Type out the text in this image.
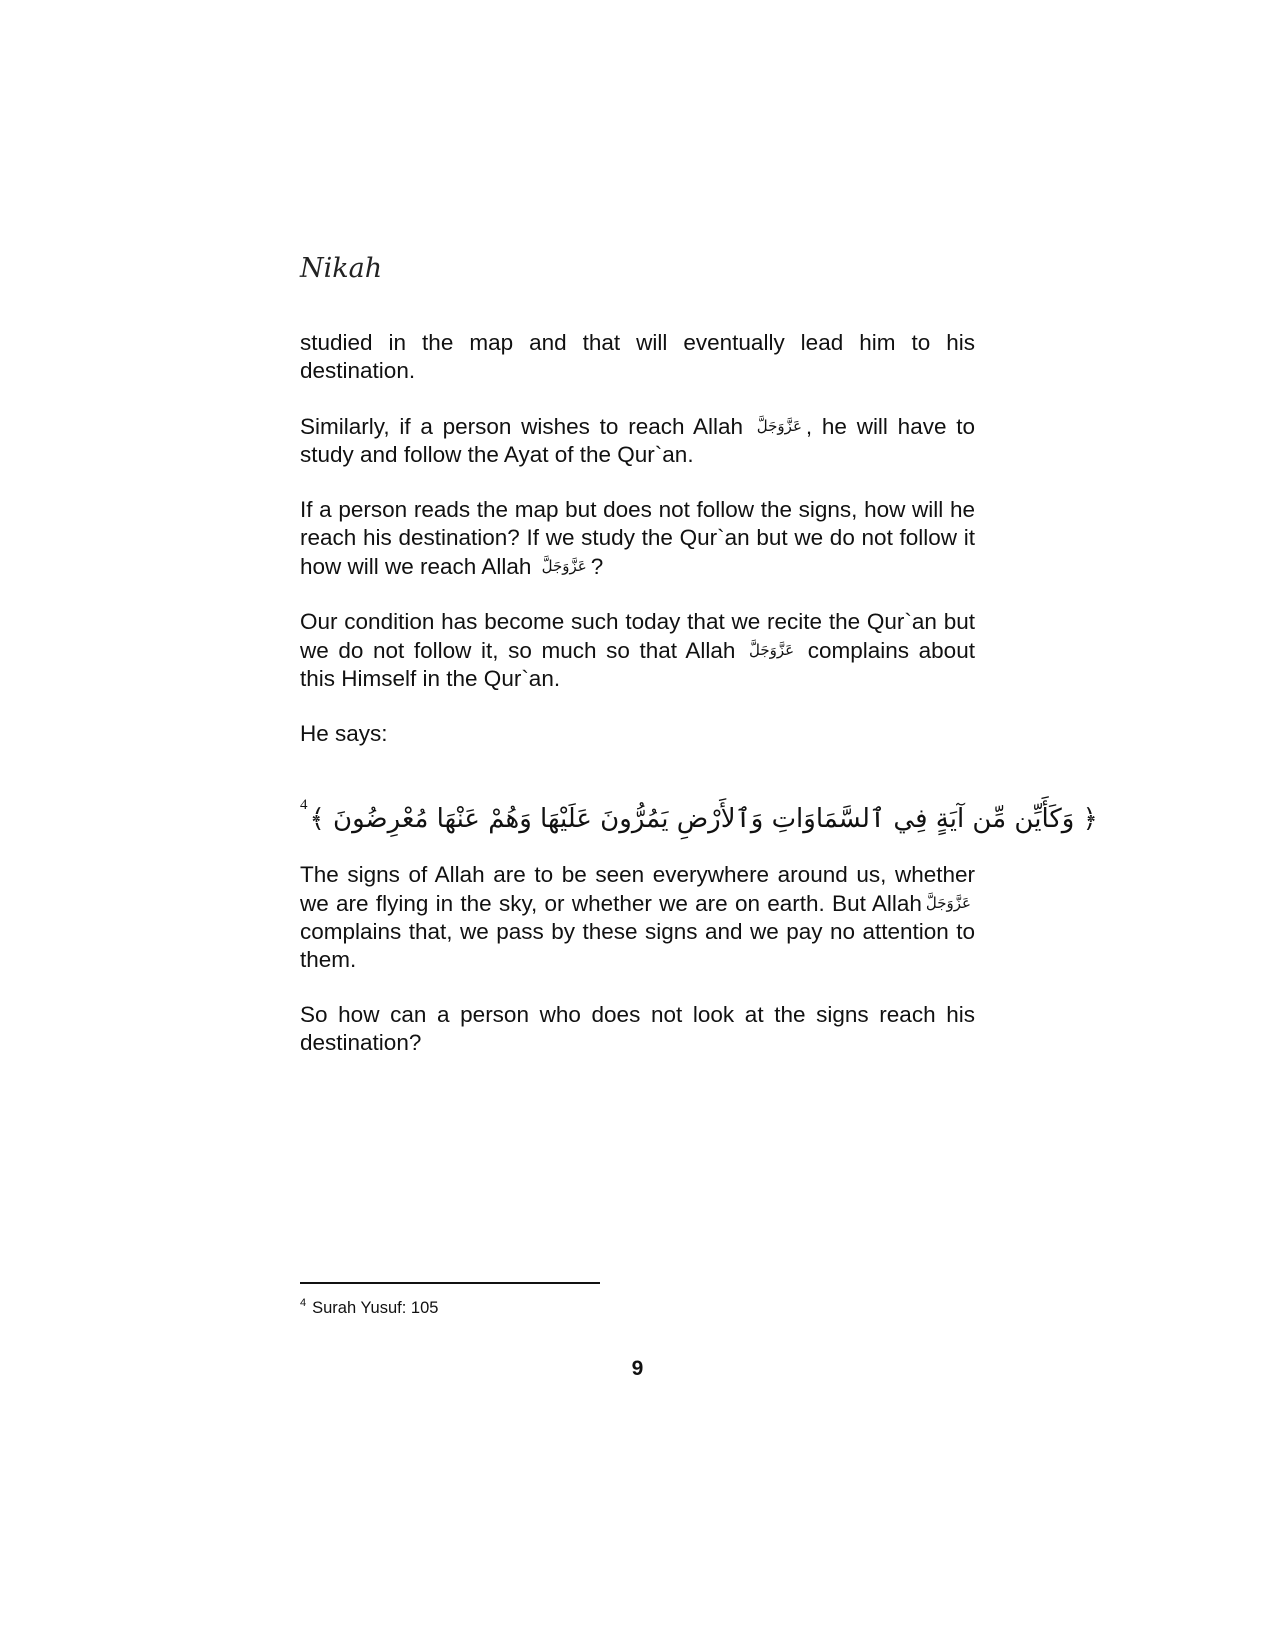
Nikah

studied in the map and that will eventually lead him to his destination.

Similarly, if a person wishes to reach Allah عَزَّوَجَلَّ , he will have to study and follow the Ayat of the Qur`an.

If a person reads the map but does not follow the signs, how will he reach his destination? If we study the Qur`an but we do not follow it how will we reach Allah عَزَّوَجَلَّ ?

Our condition has become such today that we recite the Qur`an but we do not follow it, so much so that Allah عَزَّوَجَلَّ complains about this Himself in the Qur`an.

He says:

$^4$﴿ وَكَأَيِّن مِّن آيَةٍ فِي ٱلسَّمَاوَاتِ وَٱلأَرْضِ يَمُرُّونَ عَلَيْهَا وَهُمْ عَنْهَا مُعْرِضُونَ ﴾

The signs of Allah are to be seen everywhere around us, whether we are flying in the sky, or whether we are on earth. But Allah عَزَّوَجَلَّ complains that, we pass by these signs and we pay no attention to them.

So how can a person who does not look at the signs reach his destination?

$^4$ Surah Yusuf: 105
9
